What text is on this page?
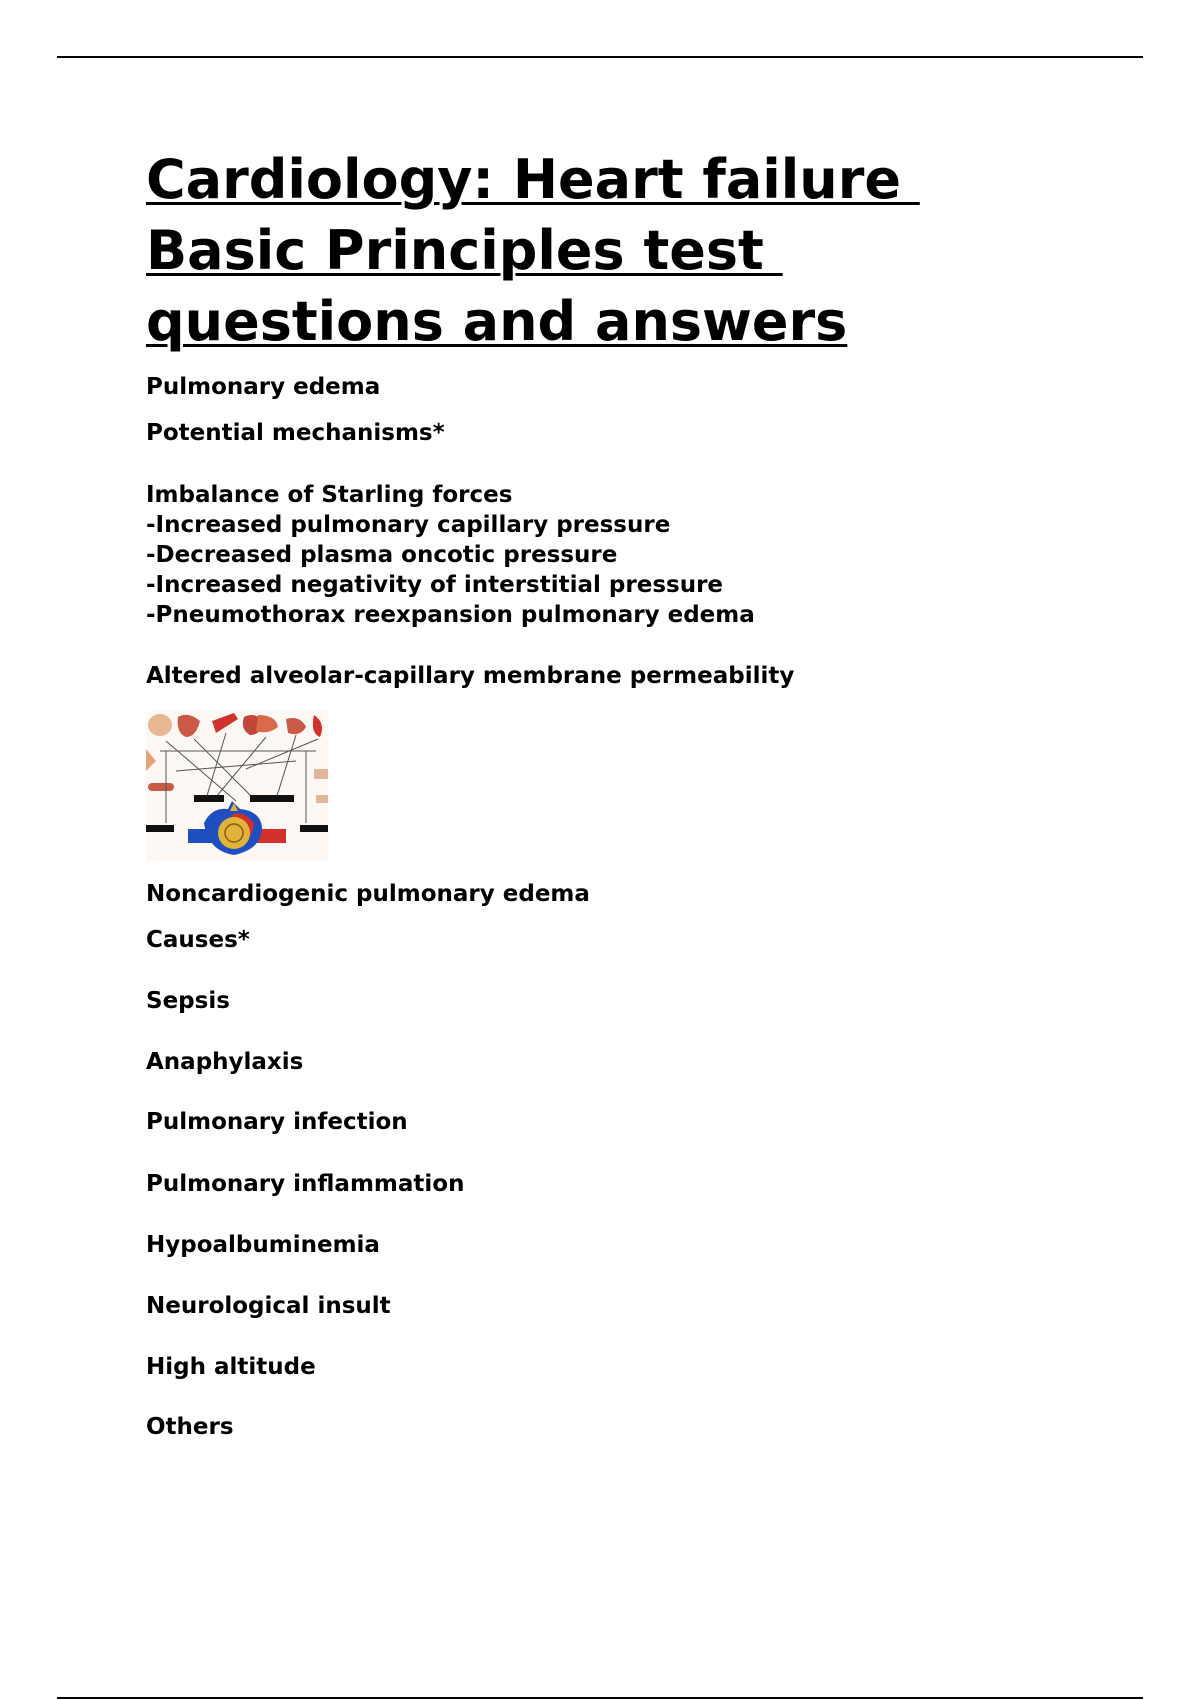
Cardiology: Heart failure
Basic Principles test
questions and answers
Pulmonary edema
Potential mechanisms*
Imbalance of Starling forces
-Increased pulmonary capillary pressure
-Decreased plasma oncotic pressure
-Increased negativity of interstitial pressure
-Pneumothorax reexpansion pulmonary edema
Altered alveolar-capillary membrane permeability
Noncardiogenic pulmonary edema
Causes*
Sepsis
Anaphylaxis
Pulmonary infection
Pulmonary inflammation
Hypoalbuminemia
Neurological insult
High altitude
Others
